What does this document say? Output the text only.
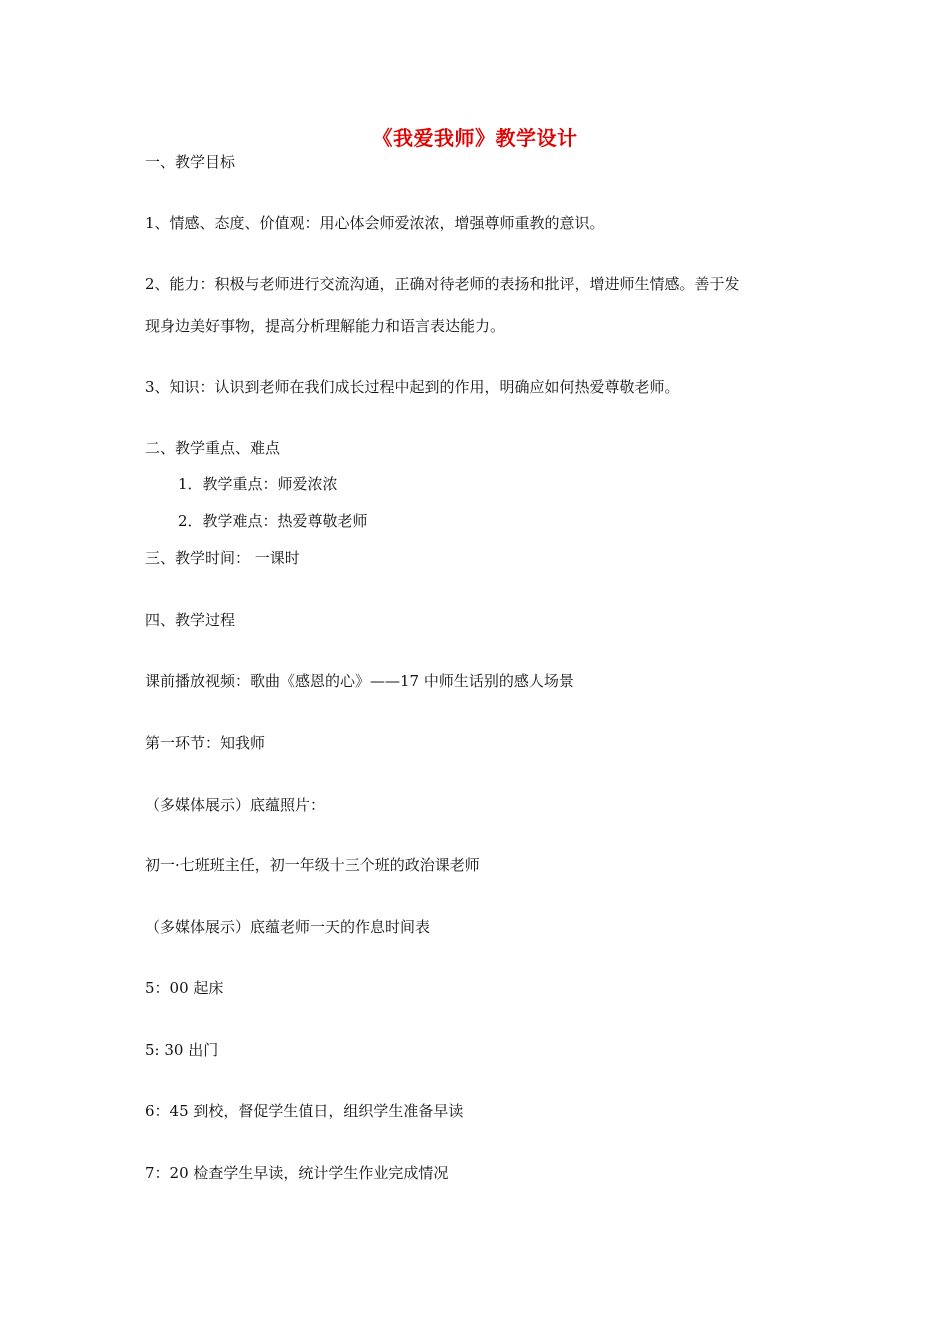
《我爱我师》教学设计
一、教学目标
1、情感、态度、价值观：用心体会师爱浓浓，增强尊师重教的意识。
2、能力：积极与老师进行交流沟通，正确对待老师的表扬和批评，增进师生情感。善于发
现身边美好事物，提高分析理解能力和语言表达能力。
3、知识：认识到老师在我们成长过程中起到的作用，明确应如何热爱尊敬老师。
二、教学重点、难点
1．教学重点：师爱浓浓
2．教学难点：热爱尊敬老师
三、教学时间： 一课时
四、教学过程
课前播放视频：歌曲《感恩的心》——17 中师生话别的感人场景
第一环节：知我师
（多媒体展示）底蕴照片：
初一·七班班主任，初一年级十三个班的政治课老师
（多媒体展示）底蕴老师一天的作息时间表
5：00 起床
5: 30 出门
6：45 到校，督促学生值日，组织学生准备早读
7：20 检查学生早读，统计学生作业完成情况
